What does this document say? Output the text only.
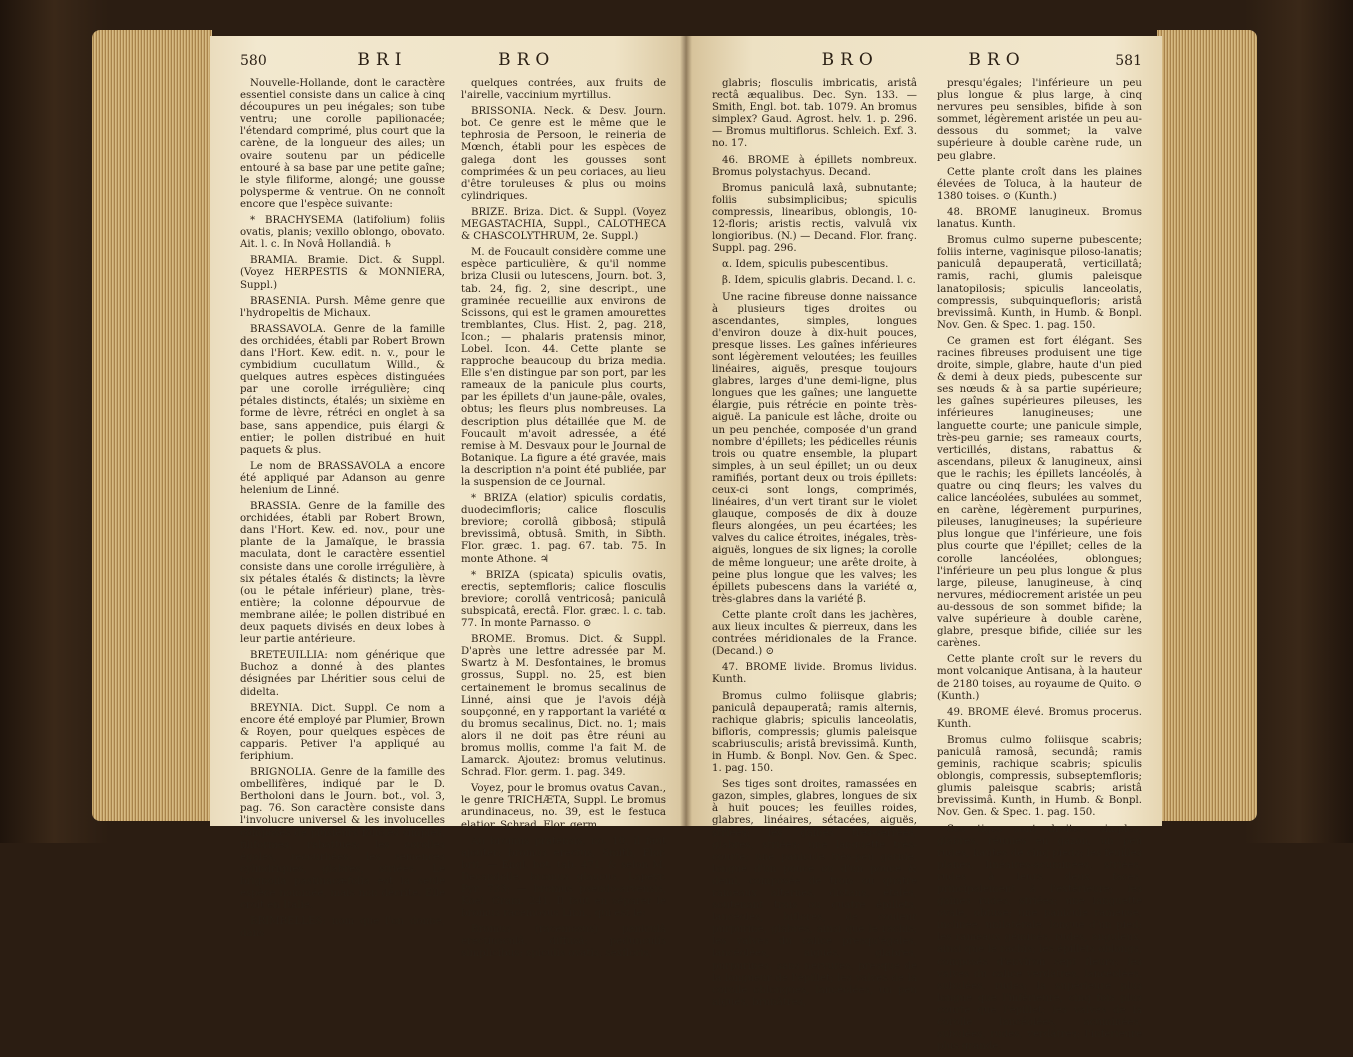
580	BRI	BRO

Nouvelle-Hollande, dont le caractère essentiel consiste dans un calice à cinq découpures un peu inégales; son tube ventru; une corolle papilionacée; l'étendard comprimé, plus court que la carène, de la longueur des ailes; un ovaire soutenu par un pédicelle entouré à sa base par une petite gaîne; le style filiforme, alongé; une gousse polysperme & ventrue. On ne connoît encore que l'espèce suivante:

* BRACHYSEMA (latifolium) foliis ovatis, planis; vexillo oblongo, obovato. Ait. l. c. In Novâ Hollandiâ. ♄

BRAMIA. Bramie. Dict. & Suppl. (Voyez HERPESTIS & MONNIERA, Suppl.)

BRASENIA. Pursh. Même genre que l'hydropeltis de Michaux.

BRASSAVOLA. Genre de la famille des orchidées, établi par Robert Brown dans l'Hort. Kew. edit. n. v., pour le cymbidium cucullatum Willd., & quelques autres espèces distinguées par une corolle irrégulière; cinq pétales distincts, étalés; un sixième en forme de lèvre, rétréci en onglet à sa base, sans appendice, puis élargi & entier; le pollen distribué en huit paquets & plus.

Le nom de BRASSAVOLA a encore été appliqué par Adanson au genre helenium de Linné.

BRASSIA. Genre de la famille des orchidées, établi par Robert Brown, dans l'Hort. Kew. ed. nov., pour une plante de la Jamaïque, le brassia maculata, dont le caractère essentiel consiste dans une corolle irrégulière, à six pétales étalés & distincts; la lèvre (ou le pétale inférieur) plane, très-entière; la colonne dépourvue de membrane ailée; le pollen distribué en deux paquets divisés en deux lobes à leur partie antérieure.

BRETEUILLIA: nom générique que Buchoz a donné à des plantes désignées par Lhéritier sous celui de didelta.

BREYNIA. Dict. Suppl. Ce nom a encore été employé par Plumier, Brown & Royen, pour quelques espèces de capparis. Petiver l'a appliqué au feriphium.

BRIGNOLIA. Genre de la famille des ombellifères, indiqué par le D. Bertholoni dans le Journ. bot., vol. 3, pag. 76. Son caractère consiste dans l'involucre universel & les involucelles composés de plusieurs folioles simples, filiformes, rabattues; les corolles égales, recourbées; les semences cylindriques, glabres, striées. Le brignolia pastinacæfolia est la seule espèce nommée, mais non décrite. Elle croît en Italie.

BRIMBELLES: nom que l'on donne, dans

quelques contrées, aux fruits de l'airelle, vaccinium myrtillus.

BRISSONIA. Neck. & Desv. Journ. bot. Ce genre est le même que le tephrosia de Persoon, le reineria de Mœnch, établi pour les espèces de galega dont les gousses sont comprimées & un peu coriaces, au lieu d'être toruleuses & plus ou moins cylindriques.

BRIZE. Briza. Dict. & Suppl. (Voyez MEGASTACHIA, Suppl., CALOTHECA & CHASCOLYTHRUM, 2e. Suppl.)

M. de Foucault considère comme une espèce particulière, & qu'il nomme briza Clusii ou lutescens, Journ. bot. 3, tab. 24, fig. 2, sine descript., une graminée recueillie aux environs de Scissons, qui est le gramen amourettes tremblantes, Clus. Hist. 2, pag. 218, Icon.; — phalaris pratensis minor, Lobel. Icon. 44. Cette plante se rapproche beaucoup du briza media. Elle s'en distingue par son port, par les rameaux de la panicule plus courts, par les épillets d'un jaune-pâle, ovales, obtus; les fleurs plus nombreuses. La description plus détaillée que M. de Foucault m'avoit adressée, a été remise à M. Desvaux pour le Journal de Botanique. La figure a été gravée, mais la description n'a point été publiée, par la suspension de ce Journal.

* BRIZA (elatior) spiculis cordatis, duodecimfloris; calice flosculis breviore; corollâ gibbosâ; stipulâ brevissimâ, obtusâ. Smith, in Sibth. Flor. græc. 1. pag. 67. tab. 75. In monte Athone. ♃

* BRIZA (spicata) spiculis ovatis, erectis, septemfloris; calice flosculis breviore; corollâ ventricosâ; paniculâ subspicatâ, erectâ. Flor. græc. l. c. tab. 77. In monte Parnasso. ⊙

BROME. Bromus. Dict. & Suppl. D'après une lettre adressée par M. Swartz à M. Desfontaines, le bromus grossus, Suppl. no. 25, est bien certainement le bromus secalinus de Linné, ainsi que je l'avois déjà soupçonné, en y rapportant la variété α du bromus secalinus, Dict. no. 1; mais alors il ne doit pas être réuni au bromus mollis, comme l'a fait M. de Lamarck. Ajoutez: bromus velutinus. Schrad. Flor. germ. 1. pag. 349.

Voyez, pour le bromus ovatus Cavan., le genre TRICHÆTA, Suppl. Le bromus arundinaceus, no. 39, est le festuca elatior. Schrad. Flor. germ.

Au bromus pratensis, no. 10, il faut ajouter: bromus erectus, Smith, Flor. brit. — Engl. bot. tab. 471, & selon M. Decandolle, bromus glaucus, Lapeyr. Pyr. 733; — bromus pseudo-arvensis, Koel. Gram. 241. Il faut en séparer le bromus racemosus Linn., qui est le:

Bromus (racemosus) paniculâ erectiusculâ, diffusâ; pedunculis simplicibus; spiculis ovatis, sexfloris,

BRO	BRO	581

glabris; flosculis imbricatis, aristâ rectâ æqualibus. Dec. Syn. 133. — Smith, Engl. bot. tab. 1079. An bromus simplex? Gaud. Agrost. helv. 1. p. 296. — Bromus multiflorus. Schleich. Exf. 3. no. 17.

46. BROME à épillets nombreux. Bromus polystachyus. Decand.

Bromus paniculâ laxâ, subnutante; foliis subsimplicibus; spiculis compressis, linearibus, oblongis, 10-12-floris; aristis rectis, valvulâ vix longioribus. (N.) — Decand. Flor. franç. Suppl. pag. 296.

α. Idem, spiculis pubescentibus.

β. Idem, spiculis glabris. Decand. l. c.

Une racine fibreuse donne naissance à plusieurs tiges droites ou ascendantes, simples, longues d'environ douze à dix-huit pouces, presque lisses. Les gaînes inférieures sont légèrement veloutées; les feuilles linéaires, aiguës, presque toujours glabres, larges d'une demi-ligne, plus longues que les gaînes; une languette élargie, puis rétrécie en pointe très-aiguë. La panicule est lâche, droite ou un peu penchée, composée d'un grand nombre d'épillets; les pédicelles réunis trois ou quatre ensemble, la plupart simples, à un seul épillet; un ou deux ramifiés, portant deux ou trois épillets: ceux-ci sont longs, comprimés, linéaires, d'un vert tirant sur le violet glauque, composés de dix à douze fleurs alongées, un peu écartées; les valves du calice étroites, inégales, très-aiguës, longues de six lignes; la corolle de même longueur; une arête droite, à peine plus longue que les valves; les épillets pubescens dans la variété α, très-glabres dans la variété β.

Cette plante croît dans les jachères, aux lieux incultes & pierreux, dans les contrées méridionales de la France. (Decand.) ⊙

47. BROME livide. Bromus lividus. Kunth.

Bromus culmo foliisque glabris; paniculâ depauperatâ; ramis alternis, rachique glabris; spiculis lanceolatis, bifloris, compressis; glumis paleisque scabriusculis; aristâ brevissimâ. Kunth, in Humb. & Bonpl. Nov. Gen. & Spec. 1. pag. 150.

Ses tiges sont droites, ramassées en gazon, simples, glabres, longues de six à huit pouces; les feuilles roides, glabres, linéaires, sétacées, aiguës, striées; les gaînes très-serrées, glabres, striées; une languette très-courte; une panicule très-peu garnie, longue d'un pouce ou d'un pouce & demi, composée de trois ou quatre rameaux alternes, distans, étalés, soutenant trois ou quatre épillets, lancéolés, biflores, de couleur purpurine, glabres, ainsi que le rachis; les valves du calice presqu'égales, lancéolées, aiguës, glabres, purpurines, sans nervures, presque de la longueur de l'épillet; les valves de la corolle oblongues, lancéolées, un peu aiguës, brunâtres,

presqu'égales; l'inférieure un peu plus longue & plus large, à cinq nervures peu sensibles, bifide à son sommet, légèrement aristée un peu au-dessous du sommet; la valve supérieure à double carène rude, un peu glabre.

Cette plante croît dans les plaines élevées de Toluca, à la hauteur de 1380 toises. ⊙ (Kunth.)

48. BROME lanugineux. Bromus lanatus. Kunth.

Bromus culmo superne pubescente; foliis interne, vaginisque piloso-lanatis; paniculâ depauperatâ, verticillatâ; ramis, rachi, glumis paleisque lanatopilosis; spiculis lanceolatis, compressis, subquinquefloris; aristâ brevissimâ. Kunth, in Humb. & Bonpl. Nov. Gen. & Spec. 1. pag. 150.

Ce gramen est fort élégant. Ses racines fibreuses produisent une tige droite, simple, glabre, haute d'un pied & demi à deux pieds, pubescente sur ses nœuds & à sa partie supérieure; les gaînes supérieures pileuses, les inférieures lanugineuses; une languette courte; une panicule simple, très-peu garnie; ses rameaux courts, verticillés, distans, rabattus & ascendans, pileux & lanugineux, ainsi que le rachis; les épillets lancéolés, à quatre ou cinq fleurs; les valves du calice lancéolées, subulées au sommet, en carène, légèrement purpurines, pileuses, lanugineuses; la supérieure plus longue que l'inférieure, une fois plus courte que l'épillet; celles de la corolle lancéolées, oblongues; l'inférieure un peu plus longue & plus large, pileuse, lanugineuse, à cinq nervures, médiocrement aristée un peu au-dessous de son sommet bifide; la valve supérieure à double carène, glabre, presque bifide, ciliée sur les carènes.

Cette plante croît sur le revers du mont volcanique Antisana, à la hauteur de 2180 toises, au royaume de Quito. ⊙ (Kunth.)

49. BROME élevé. Bromus procerus. Kunth.

Bromus culmo foliisque scabris; paniculâ ramosâ, secundâ; ramis geminis, rachique scabris; spiculis oblongis, compressis, subseptemfloris; glumis paleisque scabris; aristâ brevissimâ. Kunth, in Humb. & Bonpl. Nov. Gen. & Spec. 1. pag. 150.

Ses tiges sont droites, simples, glabres, réunies en gazon, un peu rudes, hautes de cinq pieds; les feuilles planes, linéaires-acuminées, striées, rudes à leurs deux faces, principalement à l'extérieure; les gaînes rudes, striées; une languette ovale, obtuse; une panicule rameuse, inclinée, unilatérale, longue d'un pied; les rameaux géminés, rudes, anguleux, ainsi que le rachis; les épillets oblongs, composés d'environ sept fleurs; les valves du calice verdâtres, lancéolées, subulées, rudes; la supérieure plus longue que l'inférieure, cinq fois plus courte que l'épillet; les valves de la corolle lancéolées, acuminées, subulées, rudes, verdâtres; l'inférieure plus grande,
